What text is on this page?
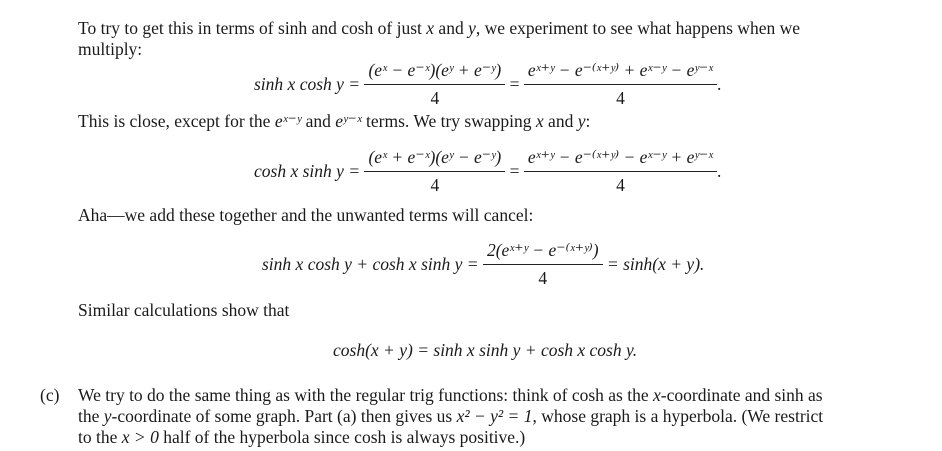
To try to get this in terms of sinh and cosh of just x and y, we experiment to see what happens when we
multiply:
sinh x $\cosh y = \frac{\text{(eˣ − e⁻ˣ)(eʸ + e⁻ʸ)}}{4} = \frac{\text{eˣ⁺ʸ − e⁻⁽ˣ⁺ʸ⁾ + eˣ⁻ʸ − eʸ⁻ˣ}}{4}$ .
This is close, except for the eˣ⁻ʸ and eʸ⁻ˣ terms. We try swapping x and y:
cosh x $\sinh y = \frac{\text{(eˣ + e⁻ˣ)(eʸ − e⁻ʸ)}}{4} = \frac{\text{eˣ⁺ʸ − e⁻⁽ˣ⁺ʸ⁾ − eˣ⁻ʸ + eʸ⁻ˣ}}{4}$ .
Aha—we add these together and the unwanted terms will cancel:
sinh x cosh y + cosh x $\sinh y = \frac{\text{2(eˣ⁺ʸ − e⁻⁽ˣ⁺ʸ⁾)}}{4} = \sinh(x + y)$.
Similar calculations show that
cosh(x + y) = sinh x sinh y + cosh x cosh y.
(c) We try to do the same thing as with the regular trig functions: think of cosh as the x-coordinate and sinh as
the y-coordinate of some graph. Part (a) then gives us x² − y² = 1, whose graph is a hyperbola. (We restrict
to the x > 0 half of the hyperbola since cosh is always positive.)
